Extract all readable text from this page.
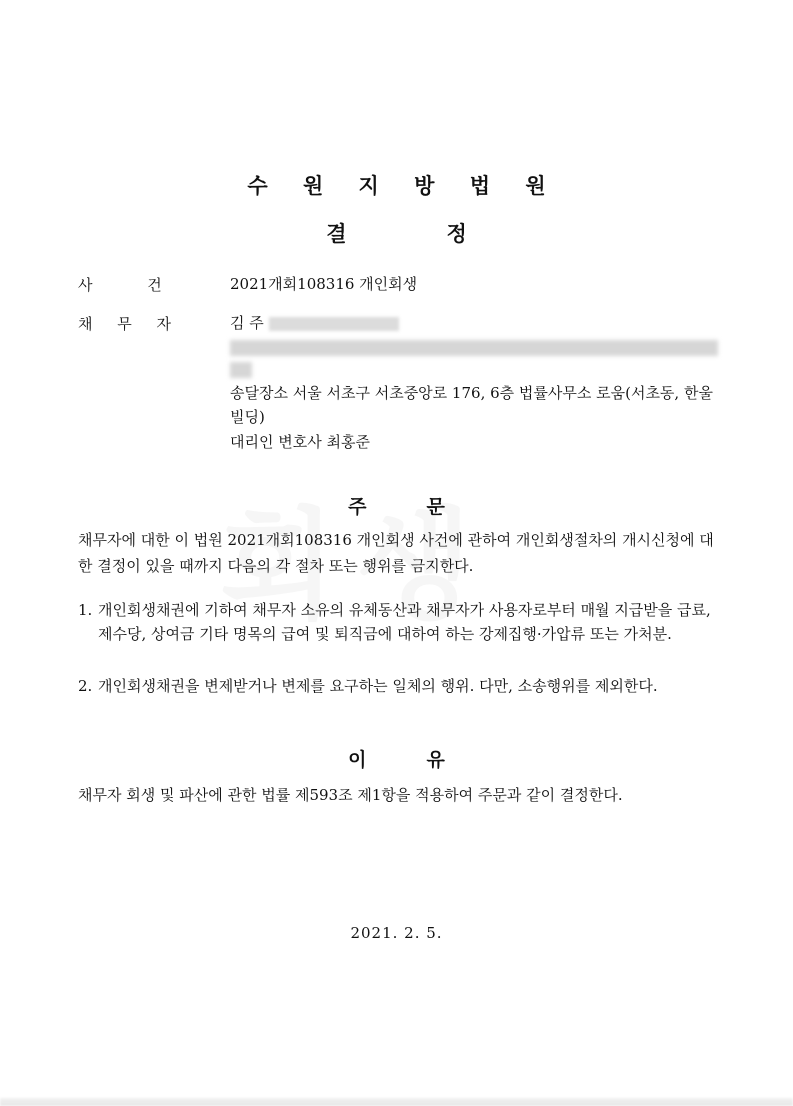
수 원 지 방 법 원
결	정
사 건	2021개회108316 개인회생
채 무 자	김 주
송달장소 서울 서초구 서초중앙로 176, 6층 법률사무소 로움(서초동, 한울빌딩)
대리인 변호사 최홍준
주	문
채무자에 대한 이 법원 2021개회108316 개인회생 사건에 관하여 개인회생절차의 개시신청에 대한 결정이 있을 때까지 다음의 각 절차 또는 행위를 금지한다.
1. 개인회생채권에 기하여 채무자 소유의 유체동산과 채무자가 사용자로부터 매월 지급받을 급료, 제수당, 상여금 기타 명목의 급여 및 퇴직금에 대하여 하는 강제집행·가압류 또는 가처분.
2. 개인회생채권을 변제받거나 변제를 요구하는 일체의 행위. 다만, 소송행위를 제외한다.
이	유
채무자 회생 및 파산에 관한 법률 제593조 제1항을 적용하여 주문과 같이 결정한다.
2021. 2. 5.
